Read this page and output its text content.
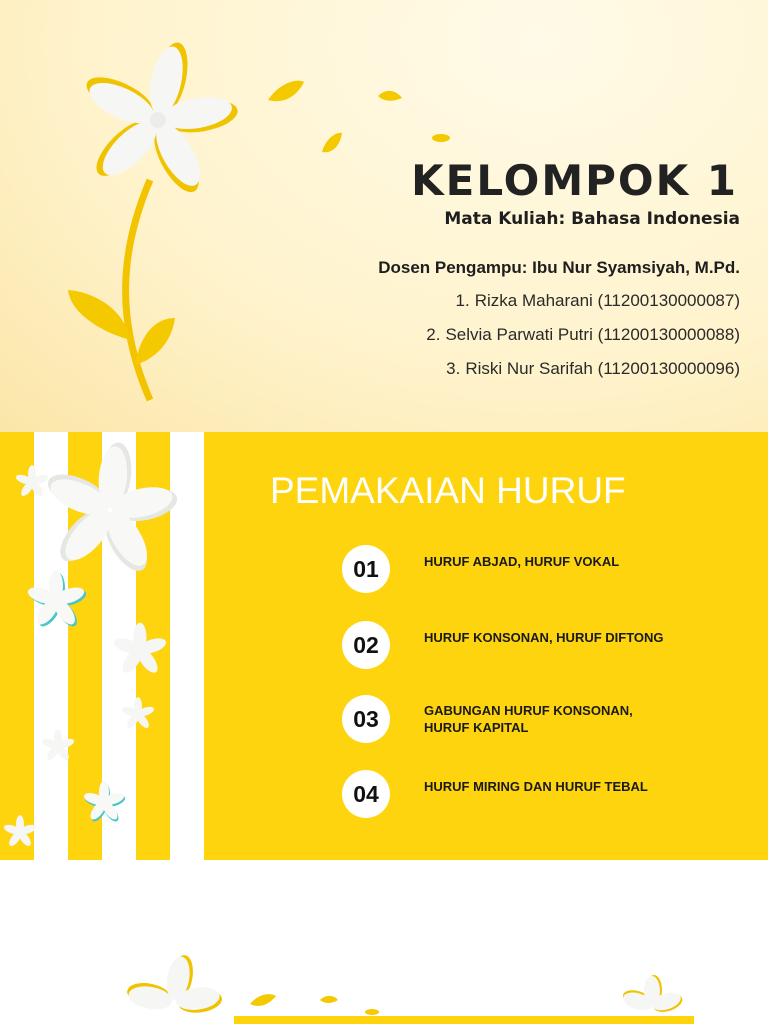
KELOMPOK 1
Mata Kuliah: Bahasa Indonesia
Dosen Pengampu: Ibu Nur Syamsiyah, M.Pd.
1. Rizka Maharani (11200130000087)
2. Selvia Parwati Putri (11200130000088)
3. Riski Nur Sarifah (11200130000096)
PEMAKAIAN HURUF
01	HURUF ABJAD, HURUF VOKAL
02	HURUF KONSONAN, HURUF DIFTONG
03	GABUNGAN HURUF KONSONAN,
HURUF KAPITAL
04	HURUF MIRING DAN HURUF TEBAL
